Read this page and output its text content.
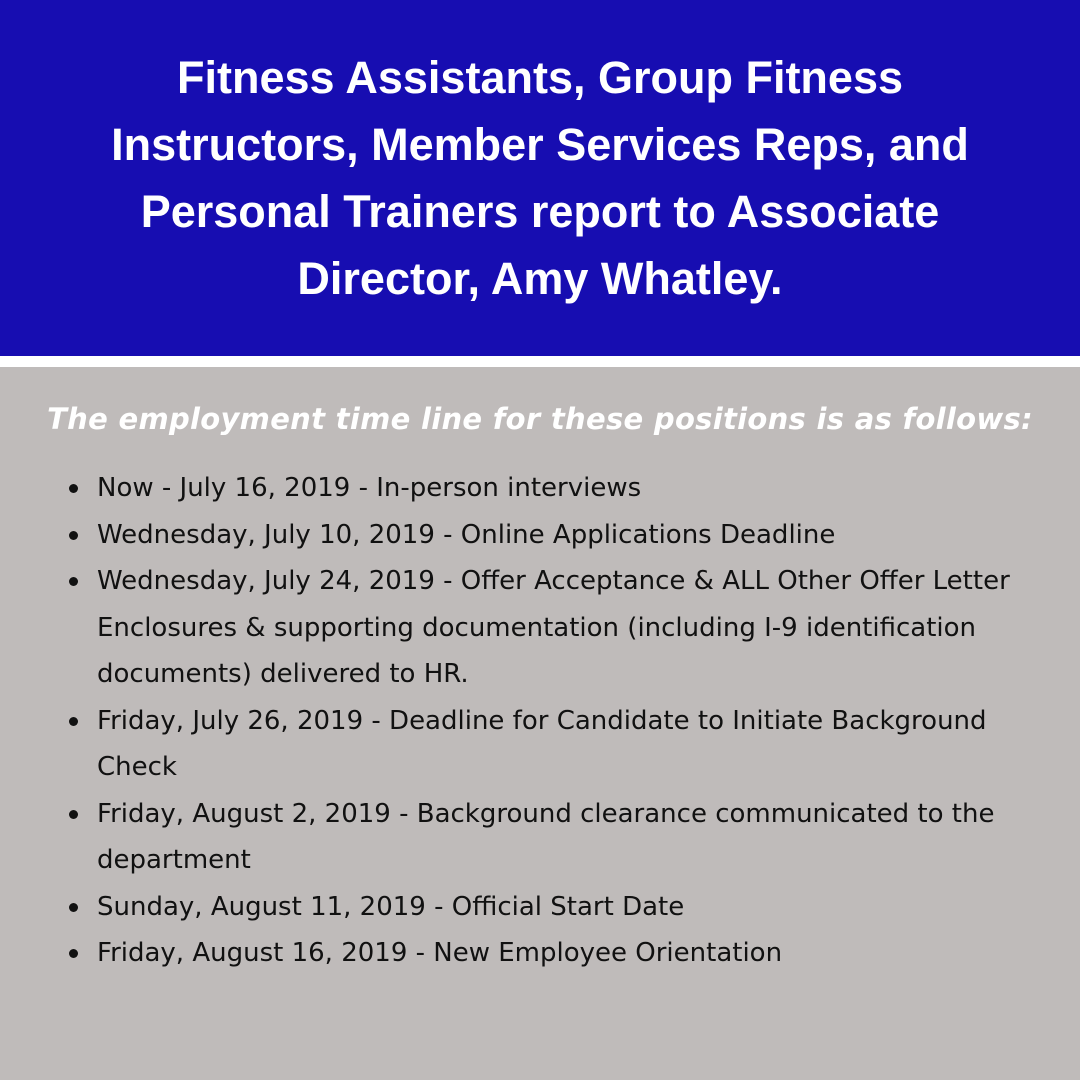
Fitness Assistants, Group Fitness Instructors, Member Services Reps, and Personal Trainers report to Associate Director, Amy Whatley.

The employment time line for these positions is as follows:

Now - July 16, 2019 - In-person interviews
Wednesday, July 10, 2019 - Online Applications Deadline
Wednesday, July 24, 2019 - Offer Acceptance & ALL Other Offer Letter Enclosures & supporting documentation (including I-9 identification documents) delivered to HR.
Friday, July 26, 2019 - Deadline for Candidate to Initiate Background Check
Friday, August 2, 2019 - Background clearance communicated to the department
Sunday, August 11, 2019 - Official Start Date
Friday, August 16, 2019 - New Employee Orientation
